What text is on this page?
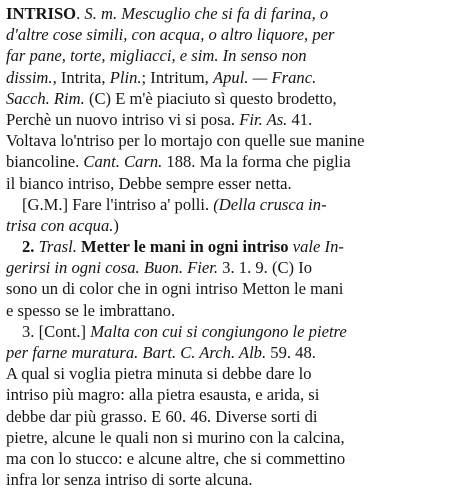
INTRISO. S. m. Mescuglio che si fa di farina, o
d'altre cose simili, con acqua, o altro liquore, per
far pane, torte, migliacci, e sim. In senso non
dissim., Intrita, Plin.; Intritum, Apul. — Franc.
Sacch. Rim. (C) E m'è piaciuto sì questo brodetto,
Perchè un nuovo intriso vi si posa. Fir. As. 41.
Voltava lo'ntriso per lo mortajo con quelle sue manine
biancoline. Cant. Carn. 188. Ma la forma che piglia
il bianco intriso, Debbe sempre esser netta.
[G.M.] Fare l'intriso a' polli. (Della crusca in-
trisa con acqua.)
2. Trasl. Metter le mani in ogni intriso vale In-
gerirsi in ogni cosa. Buon. Fier. 3. 1. 9. (C) Io
sono un di color che in ogni intriso Metton le mani
e spesso se le imbrattano.
3. [Cont.] Malta con cui si congiungono le pietre
per farne muratura. Bart. C. Arch. Alb. 59. 48.
A qual si voglia pietra minuta si debbe dare lo
intriso più magro: alla pietra esausta, e arida, si
debbe dar più grasso. E 60. 46. Diverse sorti di
pietre, alcune le quali non si murino con la calcina,
ma con lo stucco: e alcune altre, che si commettino
infra lor senza intriso di sorte alcuna.
